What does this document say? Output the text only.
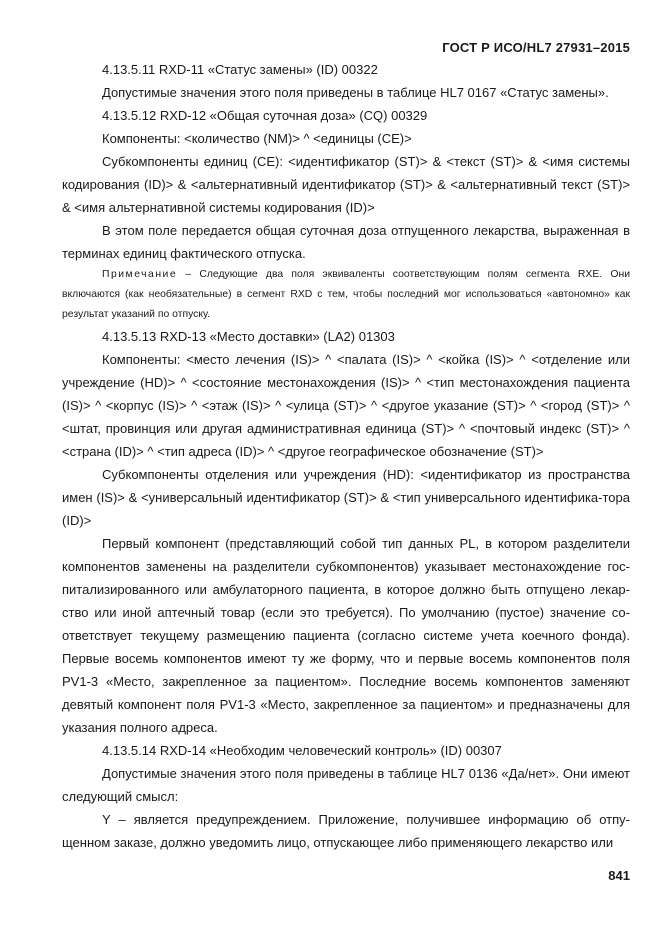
ГОСТ Р ИСО/HL7 27931–2015

4.13.5.11 RXD-11 «Статус замены» (ID) 00322

Допустимые значения этого поля приведены в таблице HL7 0167 «Статус замены».

4.13.5.12 RXD-12 «Общая суточная доза» (CQ) 00329

Компоненты: <количество (NM)> ^ <единицы (CE)>

Субкомпоненты единиц (CE): <идентификатор (ST)> & <текст (ST)> & <имя системы кодирования (ID)> & <альтернативный идентификатор (ST)> & <альтернативный текст (ST)> & <имя альтернативной системы кодирования (ID)>

В этом поле передается общая суточная доза отпущенного лекарства, выраженная в терминах единиц фактического отпуска.

Примечание – Следующие два поля эквиваленты соответствующим полям сегмента RXE. Они включаются (как необязательные) в сегмент RXD с тем, чтобы последний мог использоваться «автономно» как результат указаний по отпуску.

4.13.5.13 RXD-13 «Место доставки» (LA2) 01303

Компоненты: <место лечения (IS)> ^ <палата (IS)> ^ <койка (IS)> ^ <отделение или учреждение (HD)> ^ <состояние местонахождения (IS)> ^ <тип местонахождения пациента (IS)> ^ <корпус (IS)> ^ <этаж (IS)> ^ <улица (ST)> ^ <другое указание (ST)> ^ <город (ST)> ^ <штат, провинция или другая административная единица (ST)> ^ <почтовый индекс (ST)> ^ <страна (ID)> ^ <тип адреса (ID)> ^ <другое географическое обозначение (ST)>

Субкомпоненты отделения или учреждения (HD): <идентификатор из пространства имен (IS)> & <универсальный идентификатор (ST)> & <тип универсального идентифика-тора (ID)>

Первый компонент (представляющий собой тип данных PL, в котором разделители компонентов заменены на разделители субкомпонентов) указывает местонахождение гос-питализированного или амбулаторного пациента, в которое должно быть отпущено лекар-ство или иной аптечный товар (если это требуется). По умолчанию (пустое) значение со-ответствует текущему размещению пациента (согласно системе учета коечного фонда). Первые восемь компонентов имеют ту же форму, что и первые восемь компонентов поля PV1-3 «Место, закрепленное за пациентом». Последние восемь компонентов заменяют девятый компонент поля PV1-3 «Место, закрепленное за пациентом» и предназначены для указания полного адреса.

4.13.5.14 RXD-14 «Необходим человеческий контроль» (ID) 00307

Допустимые значения этого поля приведены в таблице HL7 0136 «Да/нет». Они имеют следующий смысл:

Y – является предупреждением. Приложение, получившее информацию об отпу-щенном заказе, должно уведомить лицо, отпускающее либо применяющего лекарство или

841
